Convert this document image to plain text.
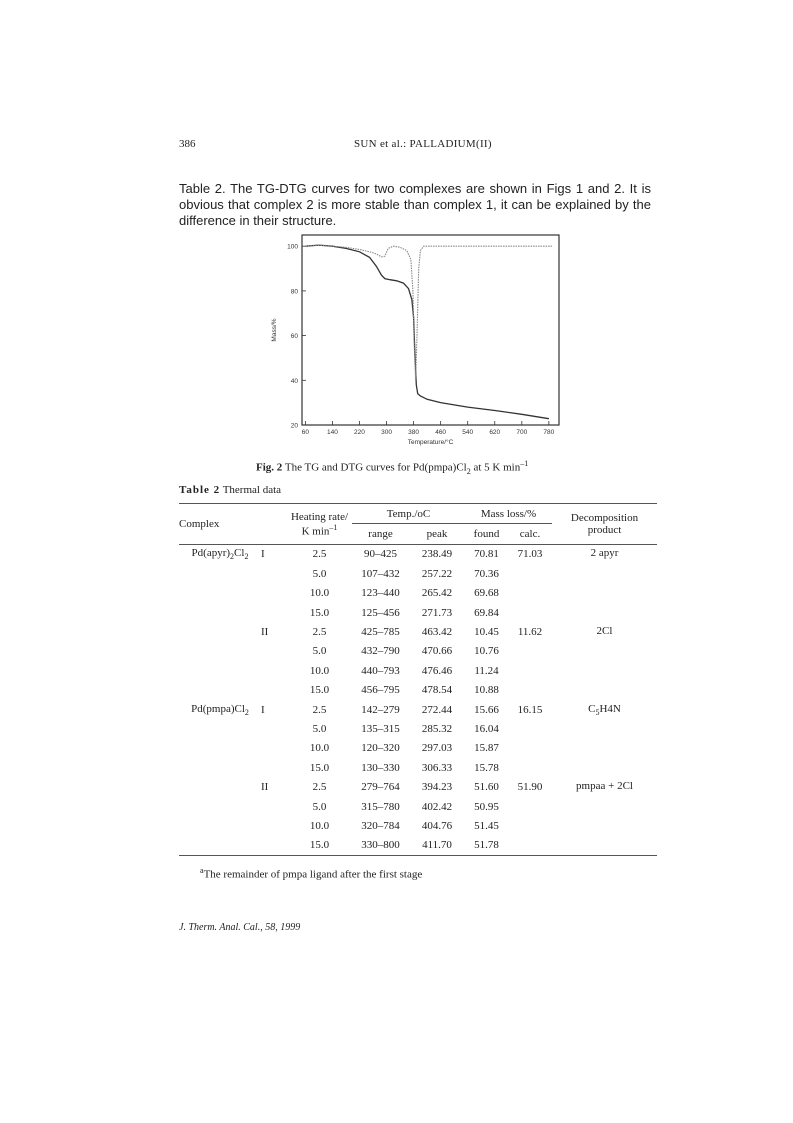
386	SUN et al.: PALLADIUM(II)
Table 2. The TG-DTG curves for two complexes are shown in Figs 1 and 2. It is obvious that complex 2 is more stable than complex 1, it can be explained by the difference in their structure.
60	140 220 300 380 460 540 620 700 780
20
40
60
80
100
Temperature/°C
Mass/%
Fig. 2 The TG and DTG curves for $Pd(pmpa)Cl_2$ at 5 K $\min^{-1}$
Table 2 Thermal data
Complex		Heating rate/
K $\min^{-1}$	Temp./oC		Mass loss/%		Decomposition
product
			range	peak	found	calc.	
$Pd(apyr)_2Cl_2$	I	2.5	90–425	238.49	70.81	71.03	2 apyr
		5.0	107–432	257.22	70.36		
		10.0	123–440	265.42	69.68		
		15.0	125–456	271.73	69.84		
	II	2.5	425–785	463.42	10.45	11.62	2Cl
		5.0	432–790	470.66	10.76		
		10.0	440–793	476.46	11.24		
		15.0	456–795	478.54	10.88		
$Pd(pmpa)Cl_2$	I	2.5	142–279	272.44	15.66	16.15	$C_5H4N$
		5.0	135–315	285.32	16.04		
		10.0	120–320	297.03	15.87		
		15.0	130–330	306.33	15.78		
	II	2.5	279–764	394.23	51.60	51.90	pmpaa + 2Cl
		5.0	315–780	402.42	50.95		
		10.0	320–784	404.76	51.45		
		15.0	330–800	411.70	51.78		
$^a$The remainder of pmpa ligand after the first stage
J. Therm. Anal. Cal., 58, 1999
